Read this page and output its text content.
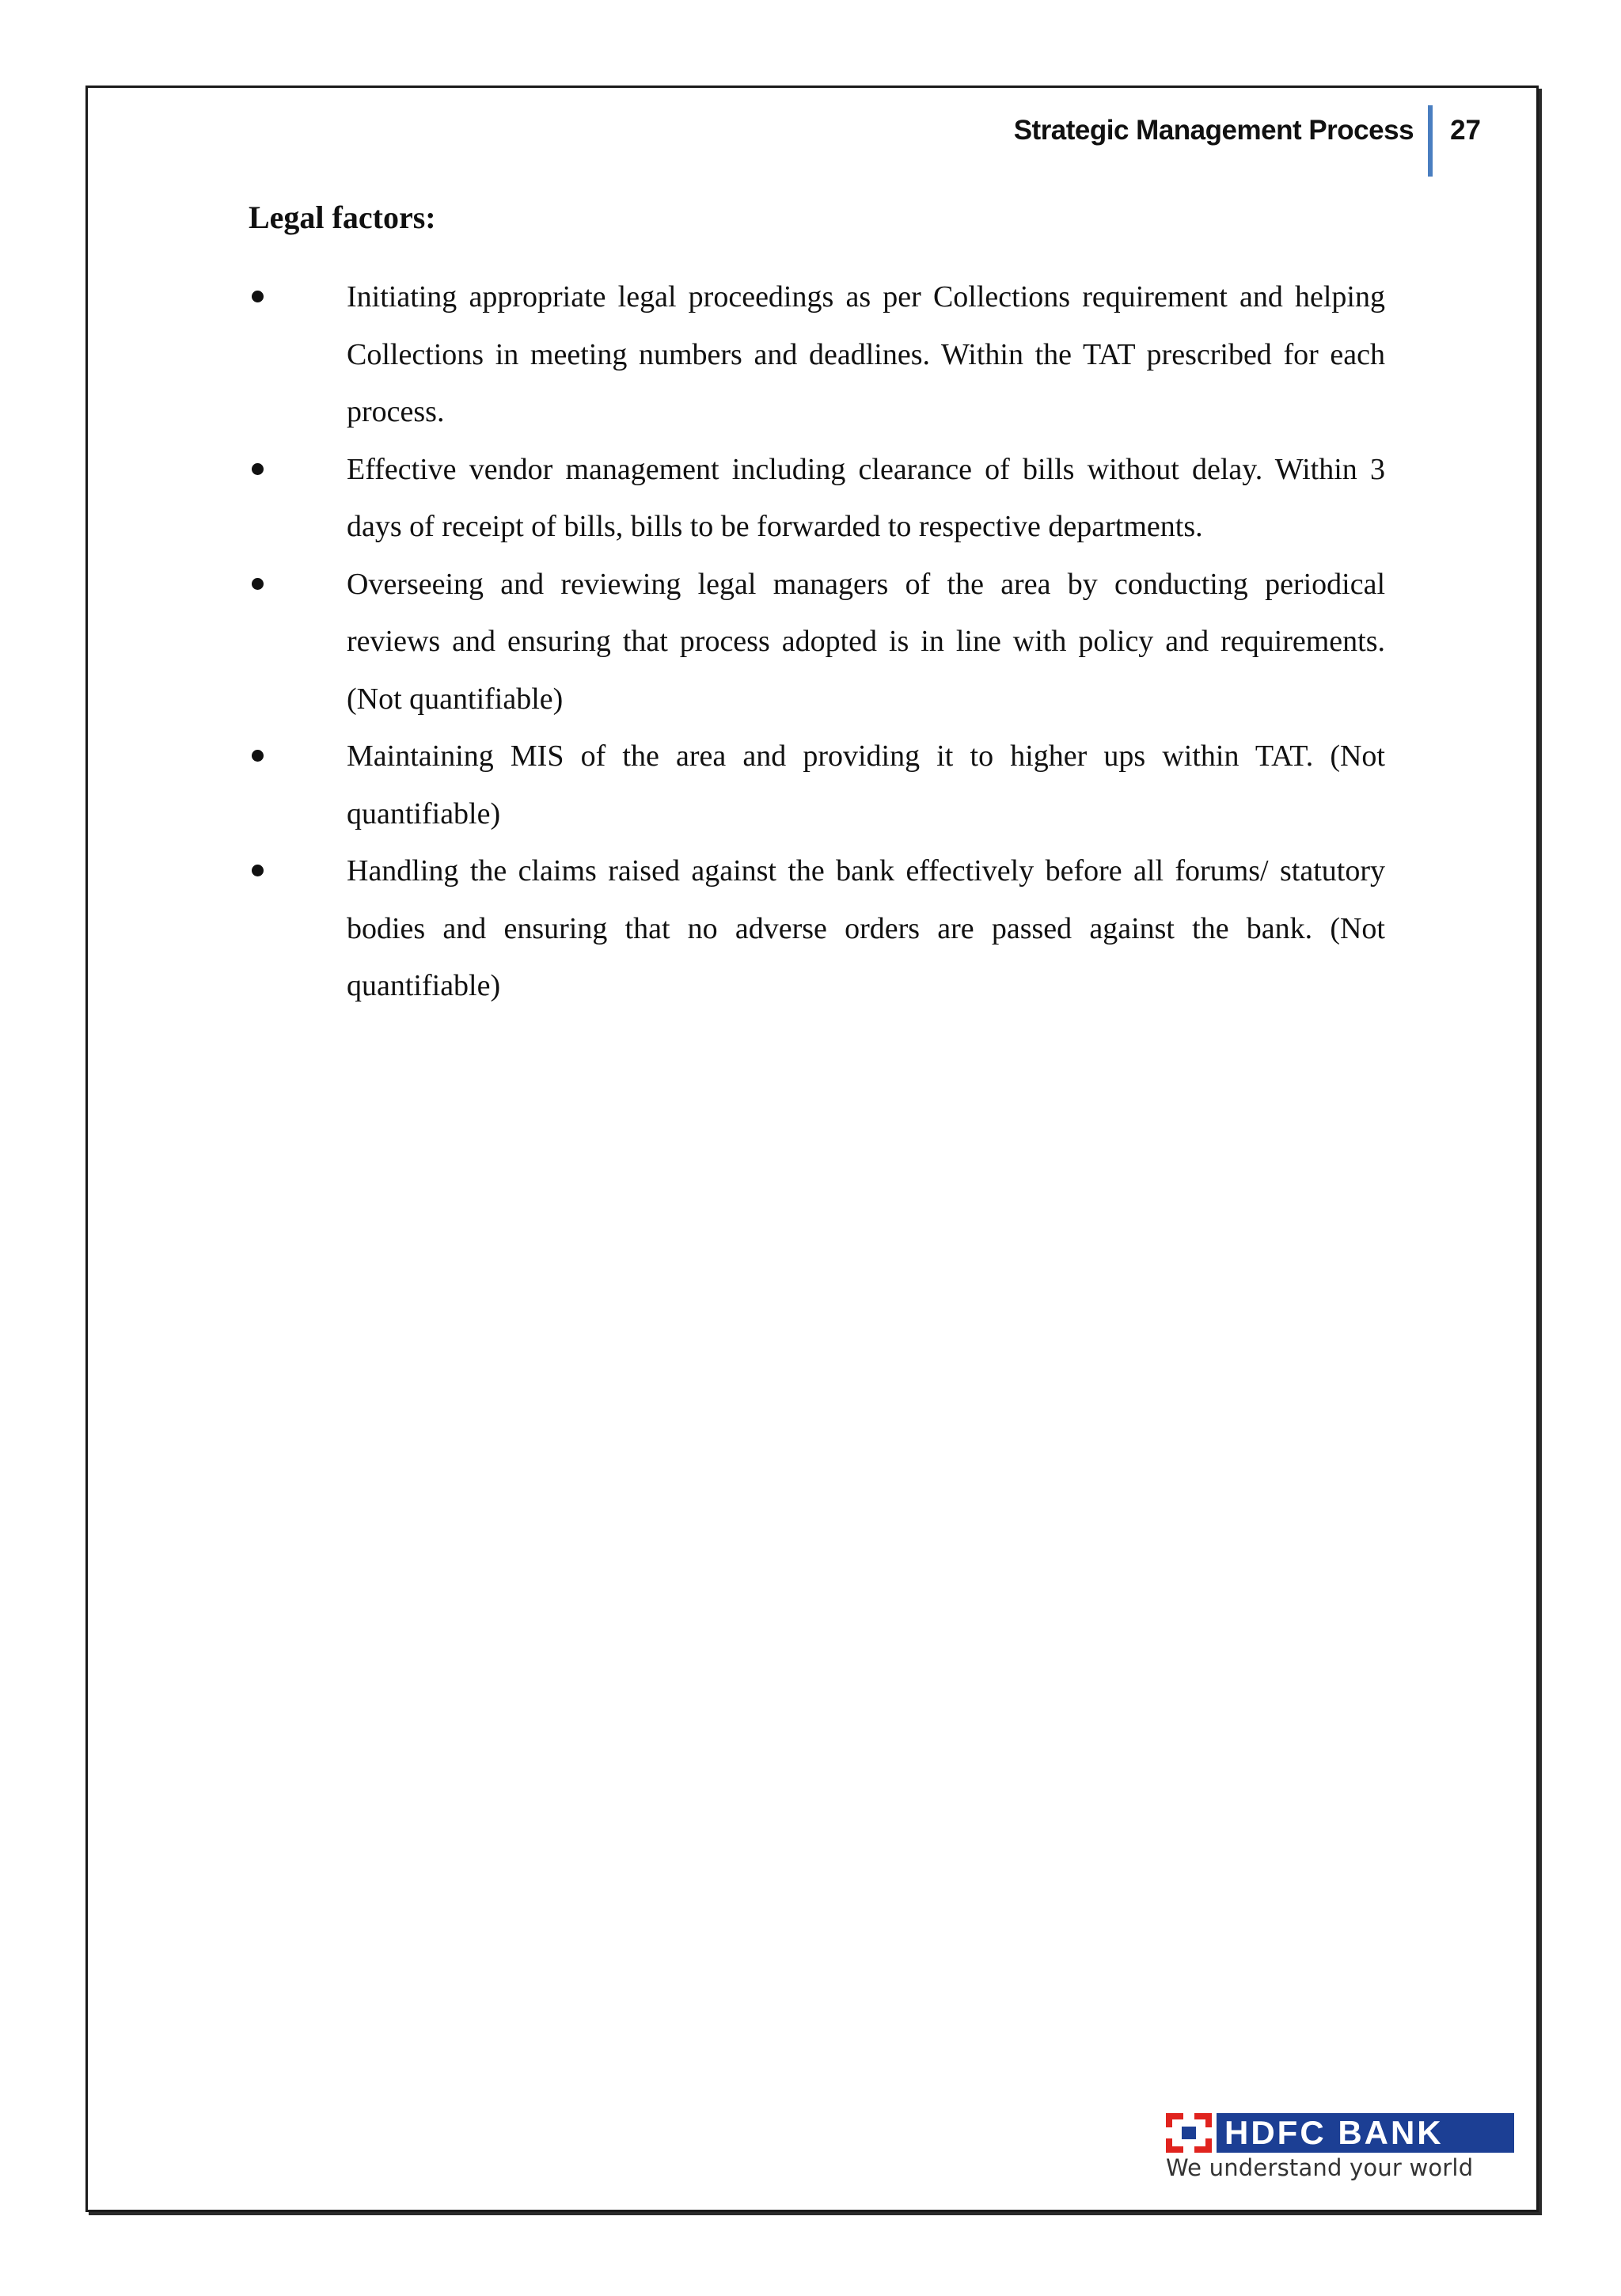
Strategic Management Process	27
Legal factors:
Initiating appropriate legal proceedings as per Collections requirement and helping Collections in meeting numbers and deadlines. Within the TAT prescribed for each process.
Effective vendor management including clearance of bills without delay. Within 3 days of receipt of bills, bills to be forwarded to respective departments.
Overseeing and reviewing legal managers of the area by conducting periodical reviews and ensuring that process adopted is in line with policy and requirements. (Not quantifiable)
Maintaining MIS of the area and providing it to higher ups within TAT. (Not quantifiable)
Handling the claims raised against the bank effectively before all forums/ statutory bodies and ensuring that no adverse orders are passed against the bank. (Not quantifiable)
HDFC BANK
We understand your world
